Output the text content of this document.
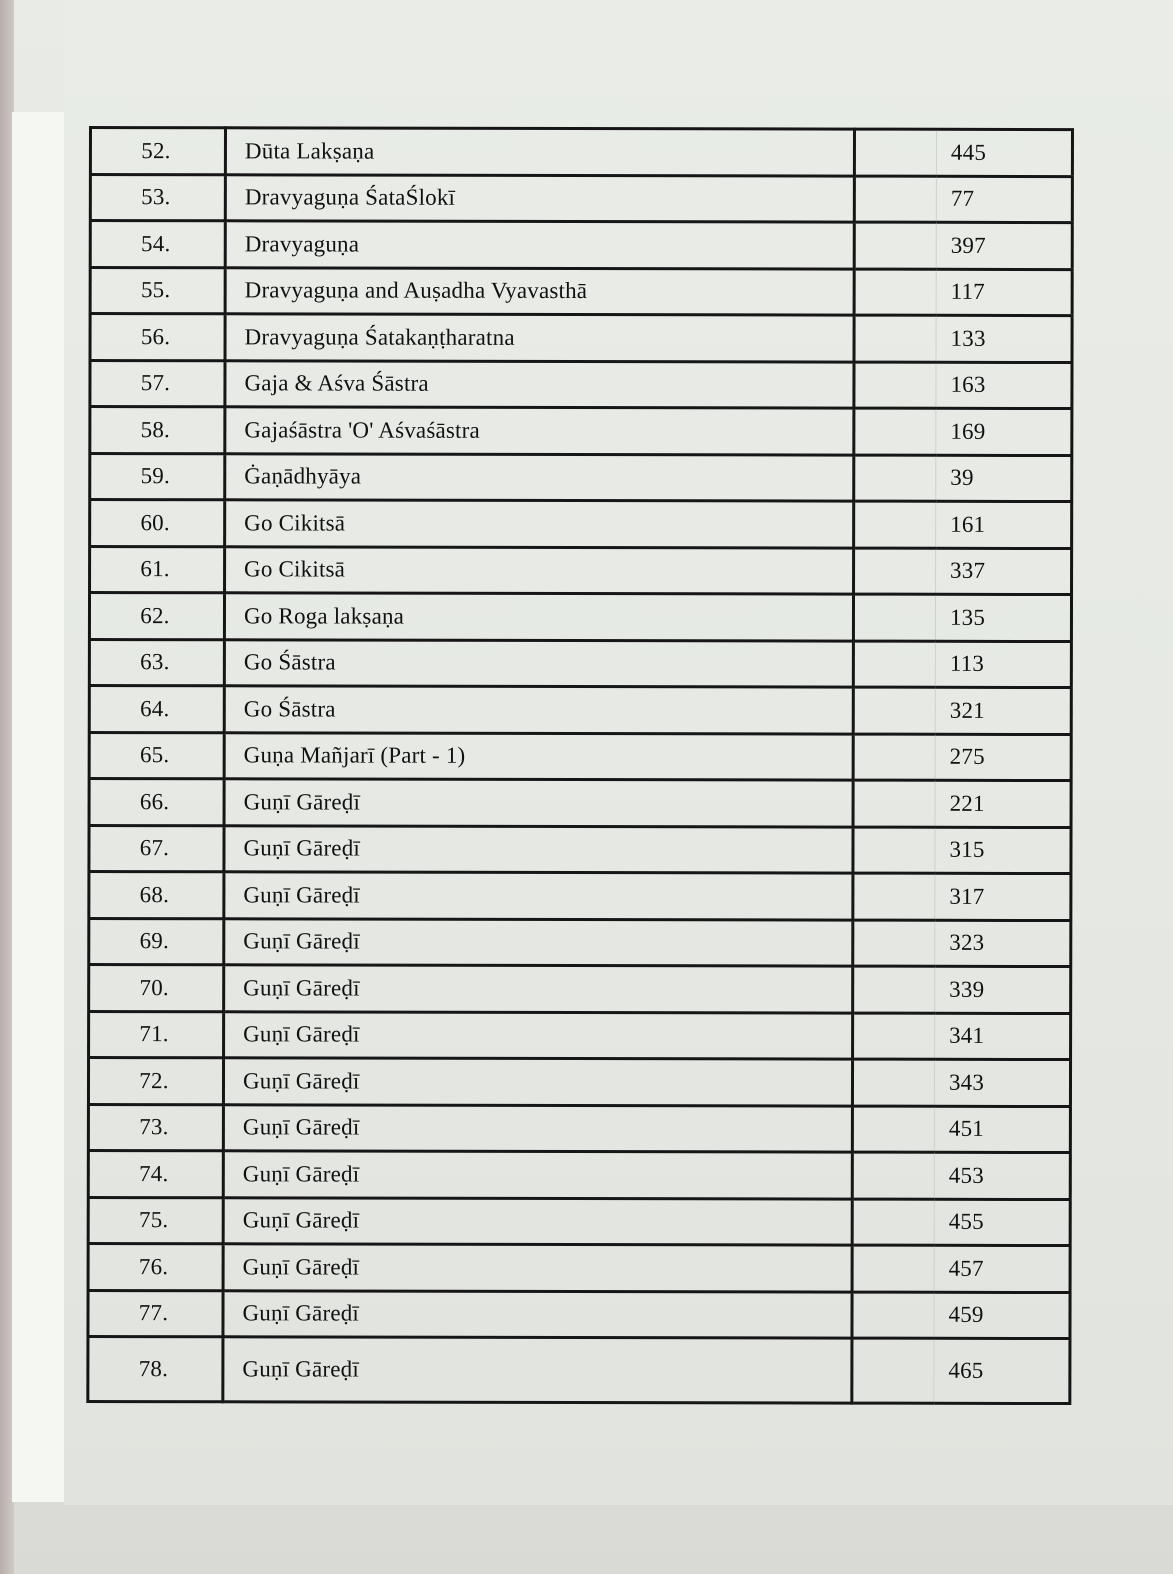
52.	Dūta Lakṣaṇa		445
53.	Dravyaguṇa ŚataŚlokī		77
54.	Dravyaguṇa		397
55.	Dravyaguṇa and Auṣadha Vyavasthā		117
56.	Dravyaguṇa Śatakaṇṭharatna		133
57.	Gaja & Aśva Śāstra		163
58.	Gajaśāstra 'O' Aśvaśāstra		169
59.	Ġaṇādhyāya		39
60.	Go Cikitsā		161
61.	Go Cikitsā		337
62.	Go Roga lakṣaṇa		135
63.	Go Śāstra		113
64.	Go Śāstra		321
65.	Guṇa Mañjarī (Part - 1)		275
66.	Guṇī Gāreḍī		221
67.	Guṇī Gāreḍī		315
68.	Guṇī Gāreḍī		317
69.	Guṇī Gāreḍī		323
70.	Guṇī Gāreḍī		339
71.	Guṇī Gāreḍī		341
72.	Guṇī Gāreḍī		343
73.	Guṇī Gāreḍī		451
74.	Guṇī Gāreḍī		453
75.	Guṇī Gāreḍī		455
76.	Guṇī Gāreḍī		457
77.	Guṇī Gāreḍī		459
78.	Guṇī Gāreḍī		465
